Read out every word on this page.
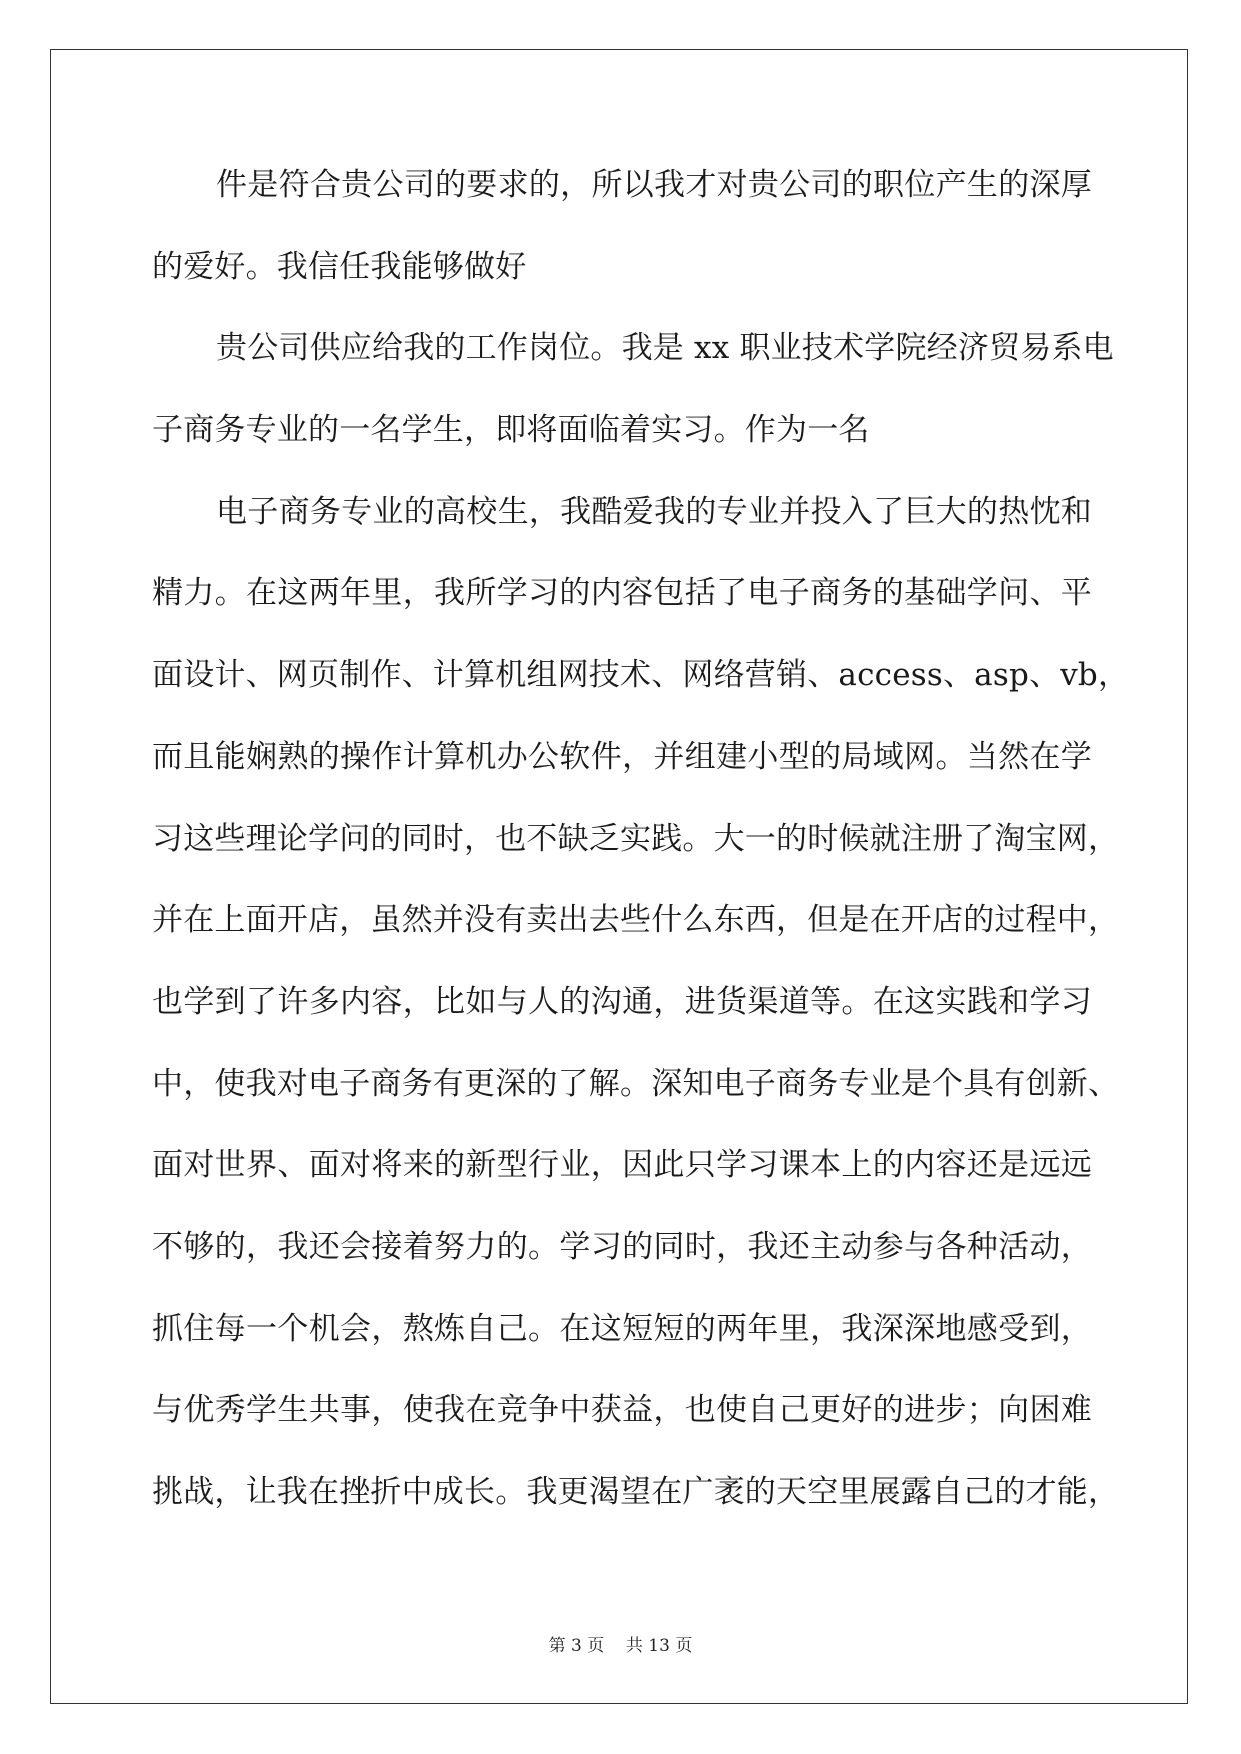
件是符合贵公司的要求的，所以我才对贵公司的职位产生的深厚
的爱好。我信任我能够做好
贵公司供应给我的工作岗位。我是 xx 职业技术学院经济贸易系电
子商务专业的一名学生，即将面临着实习。作为一名
电子商务专业的高校生，我酷爱我的专业并投入了巨大的热忱和
精力。在这两年里，我所学习的内容包括了电子商务的基础学问、平
面设计、网页制作、计算机组网技术、网络营销、access、asp、vb，
而且能娴熟的操作计算机办公软件，并组建小型的局域网。当然在学
习这些理论学问的同时，也不缺乏实践。大一的时候就注册了淘宝网，
并在上面开店，虽然并没有卖出去些什么东西，但是在开店的过程中，
也学到了许多内容，比如与人的沟通，进货渠道等。在这实践和学习
中，使我对电子商务有更深的了解。深知电子商务专业是个具有创新、
面对世界、面对将来的新型行业，因此只学习课本上的内容还是远远
不够的，我还会接着努力的。学习的同时，我还主动参与各种活动，
抓住每一个机会，熬炼自己。在这短短的两年里，我深深地感受到，
与优秀学生共事，使我在竞争中获益，也使自己更好的进步；向困难
挑战，让我在挫折中成长。我更渴望在广袤的天空里展露自己的才能，
第 3 页    共 13 页
